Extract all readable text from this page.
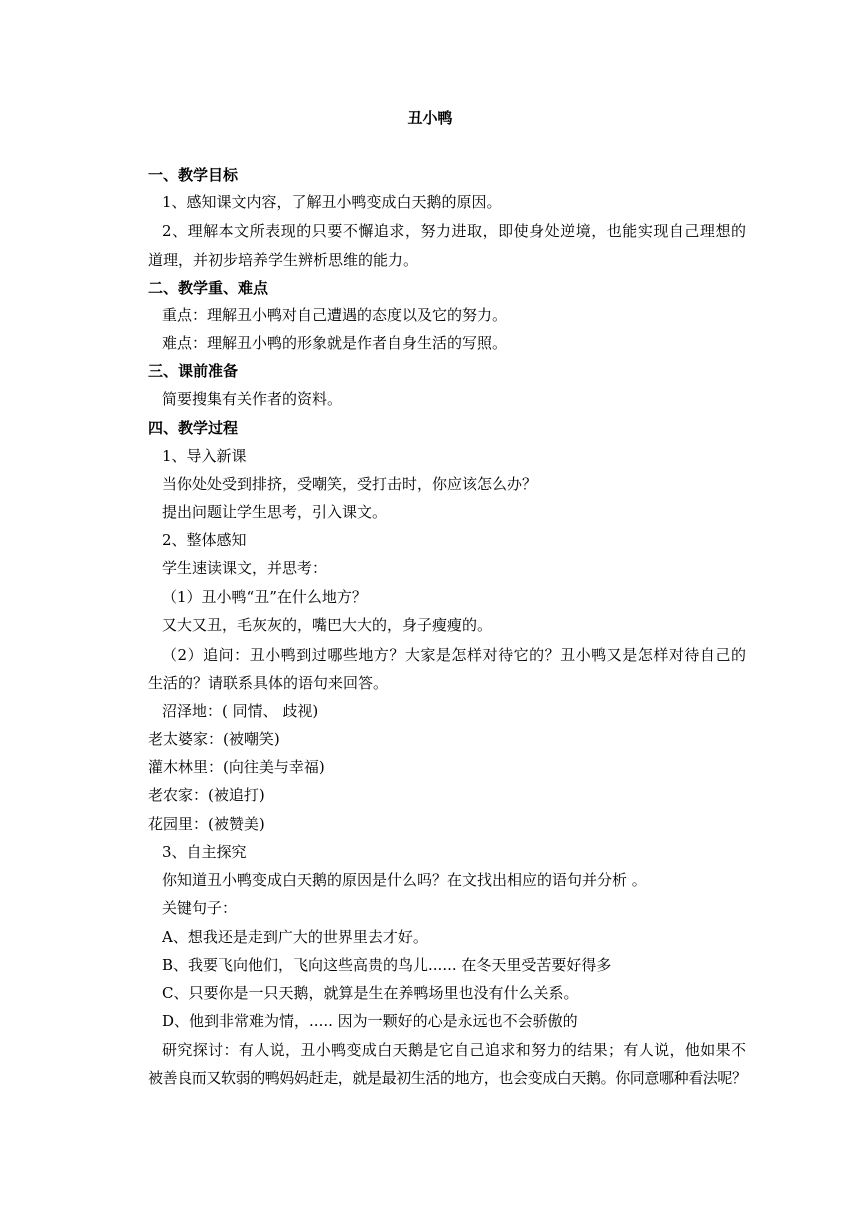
丑小鸭
一、教学目标
1、感知课文内容，了解丑小鸭变成白天鹅的原因。
2、理解本文所表现的只要不懈追求，努力进取，即使身处逆境，也能实现自己理想的
道理，并初步培养学生辨析思维的能力。
二、教学重、难点
重点：理解丑小鸭对自己遭遇的态度以及它的努力。
难点：理解丑小鸭的形象就是作者自身生活的写照。
三、课前准备
简要搜集有关作者的资料。
四、教学过程
1、导入新课
当你处处受到排挤，受嘲笑，受打击时，你应该怎么办？
提出问题让学生思考，引入课文。
2、整体感知
学生速读课文，并思考：
（1）丑小鸭“丑”在什么地方？
又大又丑，毛灰灰的，嘴巴大大的，身子瘦瘦的。
（2）追问：丑小鸭到过哪些地方？大家是怎样对待它的？丑小鸭又是怎样对待自己的
生活的？请联系具体的语句来回答。
沼泽地：( 同情、 歧视)
老太婆家：(被嘲笑)
灌木林里：(向往美与幸福)
老农家：(被追打)
花园里：(被赞美)
3、自主探究
你知道丑小鸭变成白天鹅的原因是什么吗？在文找出相应的语句并分析 。
关键句子：
A、想我还是走到广大的世界里去才好。
B、我要飞向他们，飞向这些高贵的鸟儿...... 在冬天里受苦要好得多
C、只要你是一只天鹅，就算是生在养鸭场里也没有什么关系。
D、他到非常难为情，..... 因为一颗好的心是永远也不会骄傲的
研究探讨：有人说，丑小鸭变成白天鹅是它自己追求和努力的结果；有人说，他如果不
被善良而又软弱的鸭妈妈赶走，就是最初生活的地方，也会变成白天鹅。你同意哪种看法呢？
